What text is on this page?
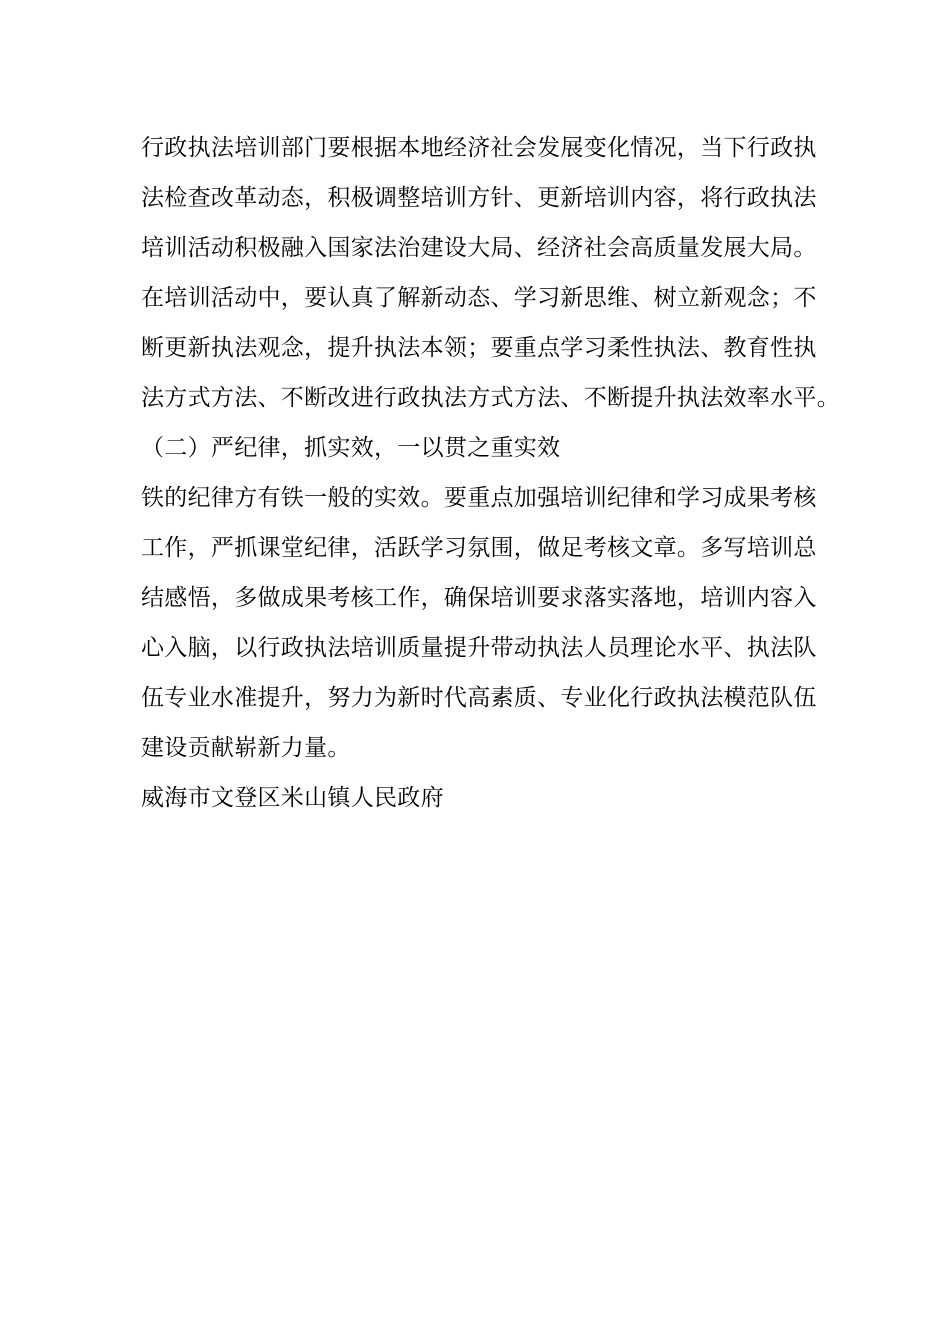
行政执法培训部门要根据本地经济社会发展变化情况，当下行政执
法检查改革动态，积极调整培训方针、更新培训内容，将行政执法
培训活动积极融入国家法治建设大局、经济社会高质量发展大局。
在培训活动中，要认真了解新动态、学习新思维、树立新观念；不
断更新执法观念，提升执法本领；要重点学习柔性执法、教育性执
法方式方法、不断改进行政执法方式方法、不断提升执法效率水平。
（二）严纪律，抓实效，一以贯之重实效
铁的纪律方有铁一般的实效。要重点加强培训纪律和学习成果考核
工作，严抓课堂纪律，活跃学习氛围，做足考核文章。多写培训总
结感悟，多做成果考核工作，确保培训要求落实落地，培训内容入
心入脑，以行政执法培训质量提升带动执法人员理论水平、执法队
伍专业水准提升，努力为新时代高素质、专业化行政执法模范队伍
建设贡献崭新力量。
威海市文登区米山镇人民政府
